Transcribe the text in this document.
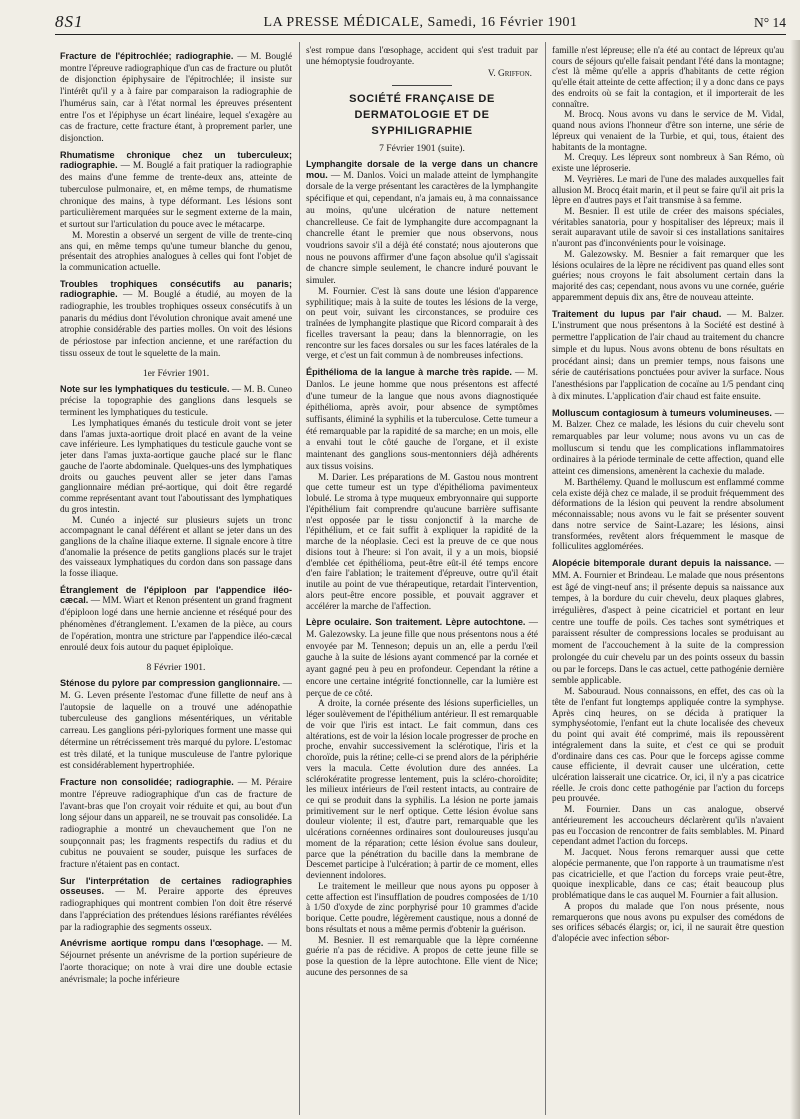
8S1	LA PRESSE MÉDICALE, Samedi, 16 Février 1901	N° 14

Fracture de l'épitrochlée; radiographie. — M. Bouglé montre l'épreuve radiographique d'un cas de fracture ou plutôt de disjonction épiphysaire de l'épitrochlée; il insiste sur l'intérêt qu'il y a à faire par comparaison la radiographie de l'humérus sain, car à l'état normal les épreuves présentent entre l'os et l'épiphyse un écart linéaire, lequel s'exagère au cas de fracture, cette fracture étant, à proprement parler, une disjonction.

Rhumatisme chronique chez un tuberculeux; radiographie. — M. Bouglé a fait pratiquer la radiographie des mains d'une femme de trente-deux ans, atteinte de tuberculose pulmonaire, et, en même temps, de rhumatisme chronique des mains, à type déformant. Les lésions sont particulièrement marquées sur le segment externe de la main, et surtout sur l'articulation du pouce avec le métacarpe.

M. Morestin a observé un sergent de ville de trente-cinq ans qui, en même temps qu'une tumeur blanche du genou, présentait des atrophies analogues à celles qui font l'objet de la communication actuelle.

Troubles trophiques consécutifs au panaris; radiographie. — M. Bouglé a étudié, au moyen de la radiographie, les troubles trophiques osseux consécutifs à un panaris du médius dont l'évolution chronique avait amené une atrophie considérable des parties molles. On voit des lésions de périostose par infection ancienne, et une raréfaction du tissu osseux de tout le squelette de la main.

1er Février 1901.

Note sur les lymphatiques du testicule. — M. B. Cuneo précise la topographie des ganglions dans lesquels se terminent les lymphatiques du testicule.

Les lymphatiques émanés du testicule droit vont se jeter dans l'amas juxta-aortique droit placé en avant de la veine cave inférieure. Les lymphatiques du testicule gauche vont se jeter dans l'amas juxta-aortique gauche placé sur le flanc gauche de l'aorte abdominale. Quelques-uns des lymphatiques droits ou gauches peuvent aller se jeter dans l'amas ganglionnaire médian pré-aortique, qui doit être regardé comme représentant avant tout l'aboutissant des lymphatiques du gros intestin.

M. Cunéo a injecté sur plusieurs sujets un tronc accompagnant le canal déférent et allant se jeter dans un des ganglions de la chaîne iliaque externe. Il signale encore à titre d'anomalie la présence de petits ganglions placés sur le trajet des vaisseaux lymphatiques du cordon dans son passage dans la fosse iliaque.

Étranglement de l'épiploon par l'appendice iléo-cæcal. — MM. Wiart et Renon présentent un grand fragment d'épiploon logé dans une hernie ancienne et réséqué pour des phénomènes d'étranglement. L'examen de la pièce, au cours de l'opération, montra une stricture par l'appendice iléo-cæcal enroulé deux fois autour du paquet épiploïque.

8 Février 1901.

Sténose du pylore par compression ganglionnaire. — M. G. Leven présente l'estomac d'une fillette de neuf ans à l'autopsie de laquelle on a trouvé une adénopathie tuberculeuse des ganglions mésentériques, un véritable carreau. Les ganglions péri-pyloriques forment une masse qui détermine un rétrécissement très marqué du pylore. L'estomac est très dilaté, et la tunique musculeuse de l'antre pylorique est considérablement hypertrophiée.

Fracture non consolidée; radiographie. — M. Péraire montre l'épreuve radiographique d'un cas de fracture de l'avant-bras que l'on croyait voir réduite et qui, au bout d'un long séjour dans un appareil, ne se trouvait pas consolidée. La radiographie a montré un chevauchement que l'on ne soupçonnait pas; les fragments respectifs du radius et du cubitus ne pouvaient se souder, puisque les surfaces de fracture n'étaient pas en contact.

Sur l'interprétation de certaines radiographies osseuses. — M. Peraire apporte des épreuves radiographiques qui montrent combien l'on doit être réservé dans l'appréciation des prétendues lésions raréfiantes révélées par la radiographie des segments osseux.

Anévrisme aortique rompu dans l'œsophage. — M. Séjournet présente un anévrisme de la portion supérieure de l'aorte thoracique; on note à vrai dire une double ectasie anévrismale; la poche inférieure

s'est rompue dans l'œsophage, accident qui s'est traduit par une hémoptysie foudroyante.

V. Griffon.

SOCIÉTÉ FRANÇAISE DE DERMATOLOGIE ET DE SYPHILIGRAPHIE

7 Février 1901 (suite).

Lymphangite dorsale de la verge dans un chancre mou. — M. Danlos. Voici un malade atteint de lymphangite dorsale de la verge présentant les caractères de la lymphangite spécifique et qui, cependant, n'a jamais eu, à ma connaissance au moins, qu'une ulcération de nature nettement chancrelleuse. Ce fait de lymphangite dure accompagnant la chancrelle étant le premier que nous observons, nous voudrions savoir s'il a déjà été constaté; nous ajouterons que nous ne pouvons affirmer d'une façon absolue qu'il s'agissait de chancre simple seulement, le chancre induré pouvant le simuler.

M. Fournier. C'est là sans doute une lésion d'apparence syphilitique; mais à la suite de toutes les lésions de la verge, on peut voir, suivant les circonstances, se produire ces traînées de lymphangite plastique que Ricord comparait à des ficelles traversant la peau; dans la blennorragie, on les rencontre sur les faces dorsales ou sur les faces latérales de la verge, et c'est un fait commun à de nombreuses infections.

Épithélioma de la langue à marche très rapide. — M. Danlos. Le jeune homme que nous présentons est affecté d'une tumeur de la langue que nous avons diagnostiquée épithélioma, après avoir, pour absence de symptômes suffisants, éliminé la syphilis et la tuberculose. Cette tumeur a été remarquable par la rapidité de sa marche; en un mois, elle a envahi tout le côté gauche de l'organe, et il existe maintenant des ganglions sous-mentonniers déjà adhérents aux tissus voisins.

M. Darier. Les préparations de M. Gastou nous montrent que cette tumeur est un type d'épithélioma pavimenteux lobulé. Le stroma à type muqueux embryonnaire qui supporte l'épithélium fait comprendre qu'aucune barrière suffisante n'est opposée par le tissu conjonctif à la marche de l'épithélium, et ce fait suffit à expliquer la rapidité de la marche de la néoplasie. Ceci est la preuve de ce que nous disions tout à l'heure: si l'on avait, il y a un mois, biopsié d'emblée cet épithélioma, peut-être eût-il été temps encore d'en faire l'ablation; le traitement d'épreuve, outre qu'il était inutile au point de vue thérapeutique, retardait l'intervention, alors peut-être encore possible, et pouvait aggraver et accélérer la marche de l'affection.

Lèpre oculaire. Son traitement. Lèpre autochtone. — M. Galezowsky. La jeune fille que nous présentons nous a été envoyée par M. Tenneson; depuis un an, elle a perdu l'œil gauche à la suite de lésions ayant commencé par la cornée et ayant gagné peu à peu en profondeur. Cependant la rétine a encore une certaine intégrité fonctionnelle, car la lumière est perçue de ce côté.

A droite, la cornée présente des lésions superficielles, un léger soulèvement de l'épithélium antérieur. Il est remarquable de voir que l'iris est intact. Le fait commun, dans ces altérations, est de voir la lésion locale progresser de proche en proche, envahir successivement la sclérotique, l'iris et la choroïde, puis la rétine; celle-ci se prend alors de la périphérie vers la macula. Cette évolution dure des années. La sclérokératite progresse lentement, puis la scléro-choroïdite; les milieux intérieurs de l'œil restent intacts, au contraire de ce qui se produit dans la syphilis. La lésion ne porte jamais primitivement sur le nerf optique. Cette lésion évolue sans douleur violente; il est, d'autre part, remarquable que les ulcérations cornéennes ordinaires sont douloureuses jusqu'au moment de la réparation; cette lésion évolue sans douleur, parce que la pénétration du bacille dans la membrane de Descemet participe à l'ulcération; à partir de ce moment, elles deviennent indolores.

Le traitement le meilleur que nous ayons pu opposer à cette affection est l'insufflation de poudres composées de 1/10 à 1/50 d'oxyde de zinc porphyrisé pour 10 grammes d'acide borique. Cette poudre, légèrement caustique, nous a donné de bons résultats et nous a même permis d'obtenir la guérison.

M. Besnier. Il est remarquable que la lèpre cornéenne guérie n'a pas de récidive. A propos de cette jeune fille se pose la question de la lèpre autochtone. Elle vient de Nice; aucune des personnes de sa

famille n'est lépreuse; elle n'a été au contact de lépreux qu'au cours de séjours qu'elle faisait pendant l'été dans la montagne; c'est là même qu'elle a appris d'habitants de cette région qu'elle était atteinte de cette affection; il y a donc dans ce pays des endroits où se fait la contagion, et il importerait de les connaître.

M. Brocq. Nous avons vu dans le service de M. Vidal, quand nous avions l'honneur d'être son interne, une série de lépreux qui venaient de la Turbie, et qui, tous, étaient des habitants de la montagne.

M. Crequy. Les lépreux sont nombreux à San Rémo, où existe une léproserie.

M. Veyrières. Le mari de l'une des malades auxquelles fait allusion M. Brocq était marin, et il peut se faire qu'il ait pris la lèpre en d'autres pays et l'ait transmise à sa femme.

M. Besnier. Il est utile de créer des maisons spéciales, véritables sanatoria, pour y hospitaliser des lépreux; mais il serait auparavant utile de savoir si ces installations sanitaires n'auront pas d'inconvénients pour le voisinage.

M. Galezowsky. M. Besnier a fait remarquer que les lésions oculaires de la lèpre ne récidivent pas quand elles sont guéries; nous croyons le fait absolument certain dans la majorité des cas; cependant, nous avons vu une cornée, guérie apparemment depuis dix ans, être de nouveau atteinte.

Traitement du lupus par l'air chaud. — M. Balzer. L'instrument que nous présentons à la Société est destiné à permettre l'application de l'air chaud au traitement du chancre simple et du lupus. Nous avons obtenu de bons résultats en procédant ainsi; dans un premier temps, nous faisons une série de cautérisations ponctuées pour aviver la surface. Nous l'anesthésions par l'application de cocaïne au 1/5 pendant cinq à dix minutes. L'application d'air chaud est faite ensuite.

Molluscum contagiosum à tumeurs volumineuses. — M. Balzer. Chez ce malade, les lésions du cuir chevelu sont remarquables par leur volume; nous avons vu un cas de molluscum si tendu que les complications inflammatoires ordinaires à la période terminale de cette affection, quand elle atteint ces dimensions, amenèrent la cachexie du malade.

M. Barthélemy. Quand le molluscum est enflammé comme cela existe déjà chez ce malade, il se produit fréquemment des déformations de la lésion qui peuvent la rendre absolument méconnaissable; nous avons vu le fait se présenter souvent dans notre service de Saint-Lazare; les lésions, ainsi transformées, revêtent alors fréquemment le masque de folliculites agglomérées.

Alopécie bitemporale durant depuis la naissance. — MM. A. Fournier et Brindeau. Le malade que nous présentons est âgé de vingt-neuf ans; il présente depuis sa naissance aux tempes, à la bordure du cuir chevelu, deux plaques glabres, irrégulières, d'aspect à peine cicatriciel et portant en leur centre une touffe de poils. Ces taches sont symétriques et paraissent résulter de compressions locales se produisant au moment de l'accouchement à la suite de la compression prolongée du cuir chevelu par un des points osseux du bassin ou par le forceps. Dans le cas actuel, cette pathogénie dernière semble applicable.

M. Sabouraud. Nous connaissons, en effet, des cas où la tête de l'enfant fut longtemps appliquée contre la symphyse. Après cinq heures, on se décida à pratiquer la symphyséotomie, l'enfant eut la chute localisée des cheveux du point qui avait été comprimé, mais ils repoussèrent intégralement dans la suite, et c'est ce qui se produit d'ordinaire dans ces cas. Pour que le forceps agisse comme cause efficiente, il devrait causer une ulcération, cette ulcération laisserait une cicatrice. Or, ici, il n'y a pas cicatrice réelle. Je crois donc cette pathogénie par l'action du forceps peu prouvée.

M. Fournier. Dans un cas analogue, observé antérieurement les accoucheurs déclarèrent qu'ils n'avaient pas eu l'occasion de rencontrer de faits semblables. M. Pinard cependant admet l'action du forceps.

M. Jacquet. Nous ferons remarquer aussi que cette alopécie permanente, que l'on rapporte à un traumatisme n'est pas cicatricielle, et que l'action du forceps vraie peut-être, quoique inexplicable, dans ce cas; était beaucoup plus problématique dans le cas auquel M. Fournier a fait allusion.

A propos du malade que l'on nous présente, nous remarquerons que nous avons pu expulser des comédons de ses orifices sébacés élargis; or, ici, il ne saurait être question d'alopécie avec infection sébor-
